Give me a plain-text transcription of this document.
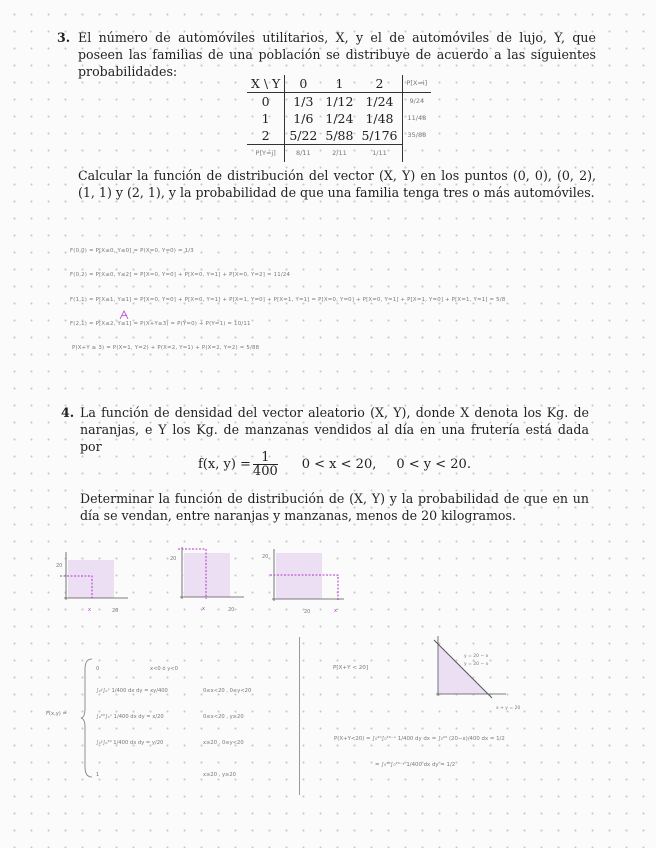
3. El número de automóviles utilitarios, X, y el de automóviles de lujo, Y, que poseen las familias de una población se distribuye de acuerdo a las siguientes probabilidades:
X \ Y	0	1	2	P[X=i]
0	1/3	1/12	1/24	9/24
1	1/6	1/24	1/48	11/48
2	5/22	5/88	5/176	35/88
P[Y=j]	8/11	2/11	1/11	
Calcular la función de distribución del vector (X, Y) en los puntos (0, 0), (0, 2), (1, 1) y (2, 1), y la probabilidad de que una familia tenga tres o más automóviles.
F(0,0) = P[X≤0, Y≤0] = P(X=0, Y=0) = 1/3
F(0,2) = P[X≤0, Y≤2] = P[X=0, Y=0] + P[X=0, Y=1] + P[X=0, Y=2] = 11/24
F(1,1) = P[X≤1, Y≤1] = P[X=0, Y=0] + P[X=0, Y=1] + P[X=1, Y=0] + P[X=1, Y=1] = P[X=0, Y=0] + P[X=0, Y=1] + P[X=1, Y=0] + P[X=1, Y=1] = 5/8
F(2,1) = P[X≤2, Y≤1] = P(X+Y≥3) = P(Y=0) + P(Y=1) = 10/11
P(X+Y ≥ 3) = P(X=1, Y=2) + P(X=2, Y=1) + P(X=2, Y=2) = 5/88
4. La función de densidad del vector aleatorio (X, Y), donde X denota los Kg. de naranjas, e Y los Kg. de manzanas vendidos al día en una frutería está dada por
f(x, $y) = \frac{1}{400} 0 < x < 20$, 0 < y < 20.
Determinar la función de distribución de (X, Y) y la probabilidad de que en un día se vendan, entre naranjas y manzanas, menos de 20 kilogramos.
20
20
x
20
20
x
20
20	x
F(x,y) =
0	x<0 ó y<0
∫₀ʸ∫₀ˣ 1/400 dx dy = xy/400	0≤x<20 , 0≤y<20
∫₀²⁰∫₀ˣ 1/400 dx dy = x/20	0≤x<20 , y≥20
∫₀ʸ∫₀²⁰ 1/400 dx dy = y/20	x≥20 , 0≤y<20
1	x≥20 , y≥20
P[X+Y < 20]
y = 20 − x
y = 20 − x
x + y = 20
P(X+Y<20) = ∫₀²⁰∫₀²⁰⁻ˣ 1/400 dy dx = ∫₀²⁰ (20−x)/400 dx = 1/2
= ∫₀²⁰∫₀²⁰⁻ʸ 1/400 dx dy = 1/2
